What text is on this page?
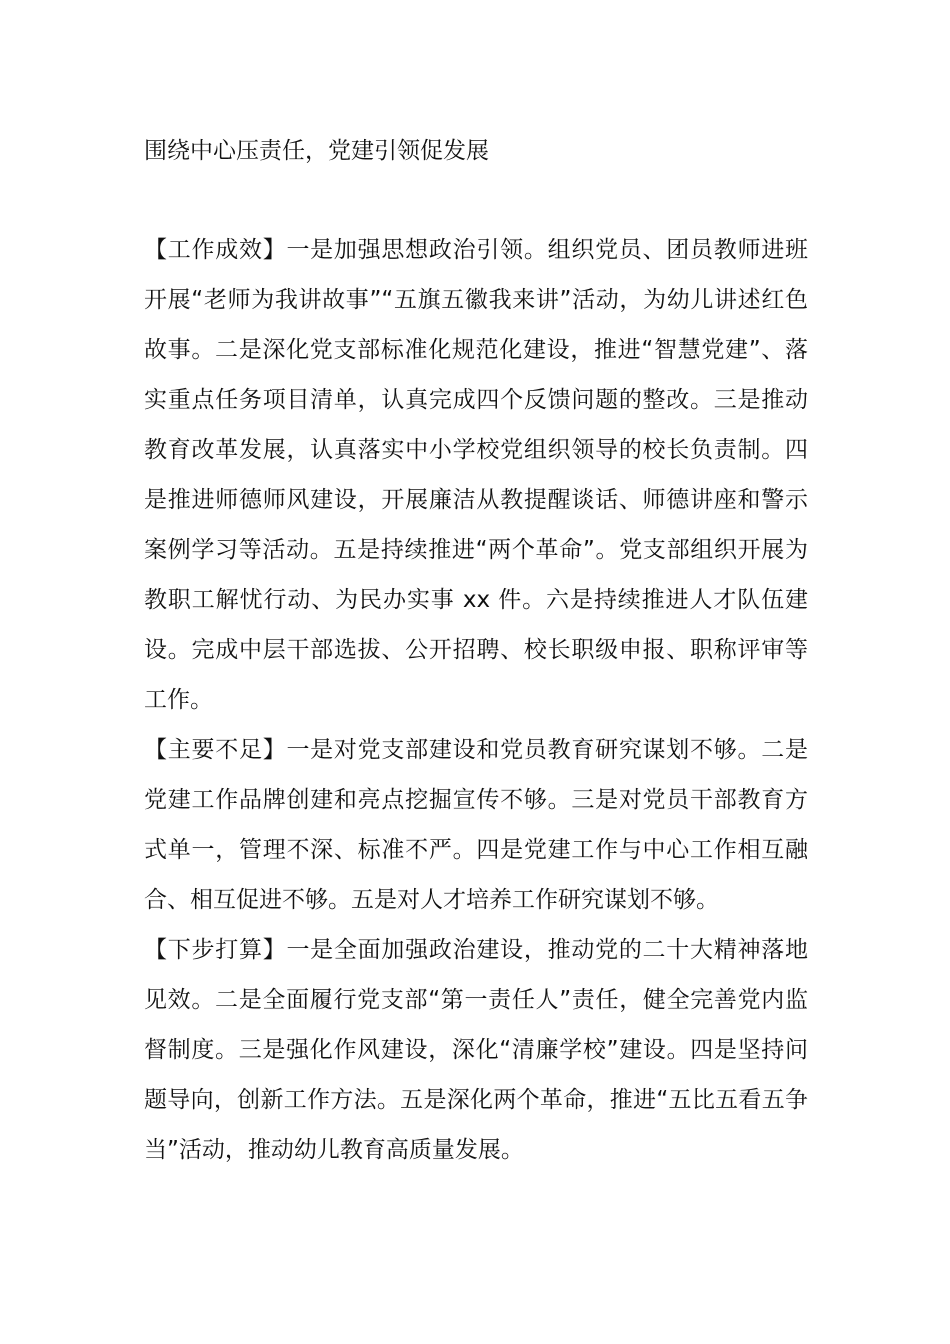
围绕中心压责任，党建引领促发展

【工作成效】一是加强思想政治引领。组织党员、团员教师进班开展“老师为我讲故事”“五旗五徽我来讲”活动，为幼儿讲述红色故事。二是深化党支部标准化规范化建设，推进“智慧党建”、落实重点任务项目清单，认真完成四个反馈问题的整改。三是推动教育改革发展，认真落实中小学校党组织领导的校长负责制。四是推进师德师风建设，开展廉洁从教提醒谈话、师德讲座和警示案例学习等活动。五是持续推进“两个革命”。党支部组织开展为教职工解忧行动、为民办实事 xx 件。六是持续推进人才队伍建设。完成中层干部选拔、公开招聘、校长职级申报、职称评审等工作。

【主要不足】一是对党支部建设和党员教育研究谋划不够。二是党建工作品牌创建和亮点挖掘宣传不够。三是对党员干部教育方式单一，管理不深、标准不严。四是党建工作与中心工作相互融合、相互促进不够。五是对人才培养工作研究谋划不够。

【下步打算】一是全面加强政治建设，推动党的二十大精神落地见效。二是全面履行党支部“第一责任人”责任，健全完善党内监督制度。三是强化作风建设，深化“清廉学校”建设。四是坚持问题导向，创新工作方法。五是深化两个革命，推进“五比五看五争当”活动，推动幼儿教育高质量发展。
